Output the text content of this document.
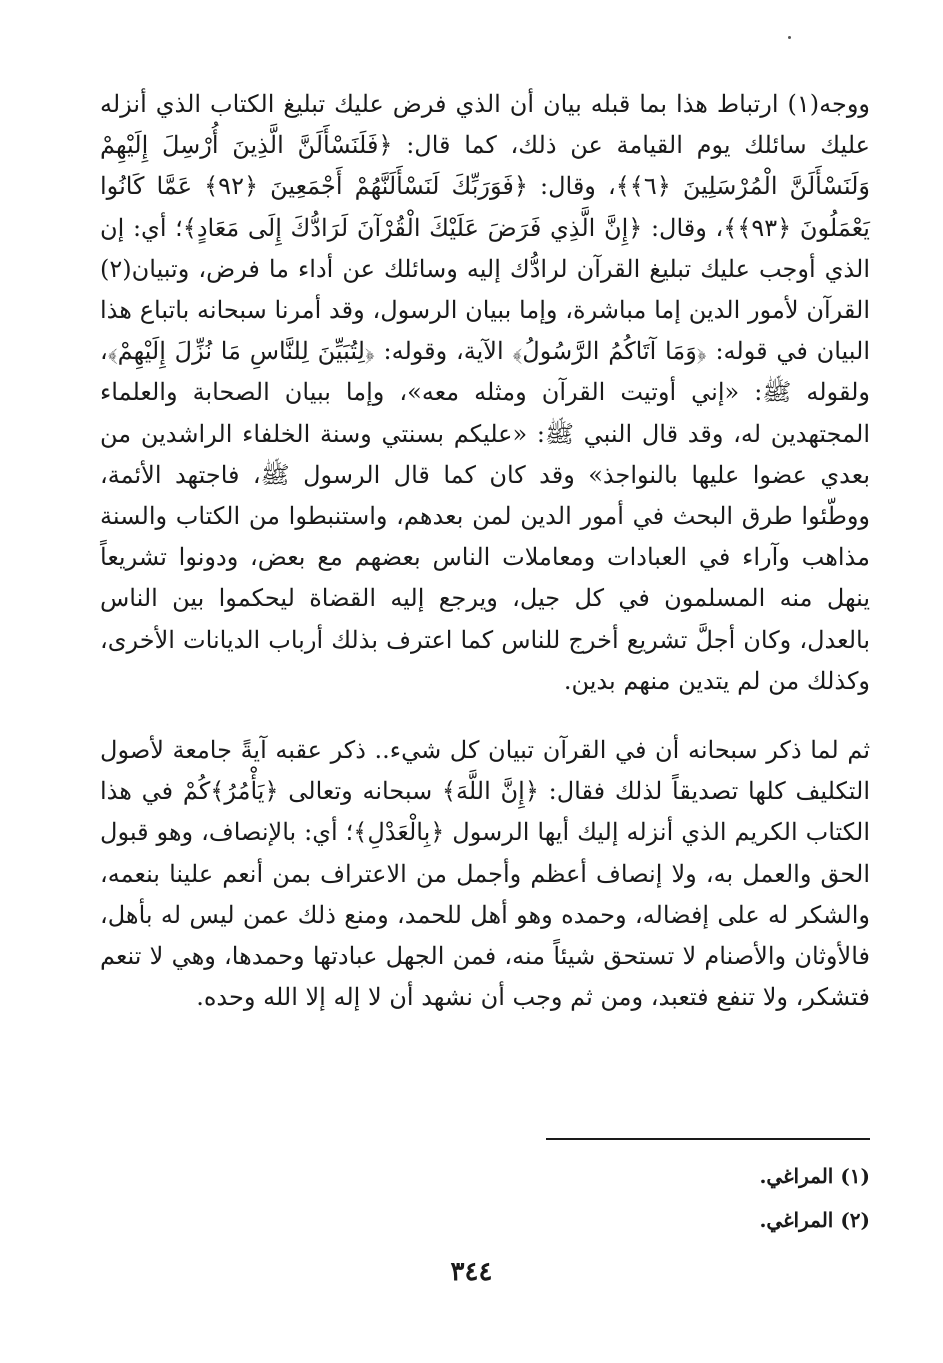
ووجه(١) ارتباط هذا بما قبله بيان أن الذي فرض عليك تبليغ الكتاب الذي أنزله عليك سائلك يوم القيامة عن ذلك، كما قال: ﴿فَلَنَسْأَلَنَّ الَّذِينَ أُرْسِلَ إِلَيْهِمْ وَلَنَسْأَلَنَّ الْمُرْسَلِينَ ﴿٦﴾﴾، وقال: ﴿فَوَرَبِّكَ لَنَسْأَلَنَّهُمْ أَجْمَعِينَ ﴿٩٢﴾ عَمَّا كَانُوا يَعْمَلُونَ ﴿٩٣﴾﴾، وقال: ﴿إِنَّ الَّذِي فَرَضَ عَلَيْكَ الْقُرْآنَ لَرَادُّكَ إِلَى مَعَادٍ﴾؛ أي: إن الذي أوجب عليك تبليغ القرآن لرادُّك إليه وسائلك عن أداء ما فرض، وتبيان(٢) القرآن لأمور الدين إما مباشرة، وإما ببيان الرسول، وقد أمرنا سبحانه باتباع هذا البيان في قوله: ﴿وَمَا آتَاكُمُ الرَّسُولُ﴾ الآية، وقوله: ﴿لِتُبَيِّنَ لِلنَّاسِ مَا نُزِّلَ إِلَيْهِمْ﴾، ولقوله ﷺ: «إني أوتيت القرآن ومثله معه»، وإما ببيان الصحابة والعلماء المجتهدين له، وقد قال النبي ﷺ: «عليكم بسنتي وسنة الخلفاء الراشدين من بعدي عضوا عليها بالنواجذ» وقد كان كما قال الرسول ﷺ، فاجتهد الأئمة، ووطّئوا طرق البحث في أمور الدين لمن بعدهم، واستنبطوا من الكتاب والسنة مذاهب وآراء في العبادات ومعاملات الناس بعضهم مع بعض، ودونوا تشريعاً ينهل منه المسلمون في كل جيل، ويرجع إليه القضاة ليحكموا بين الناس بالعدل، وكان أجلَّ تشريع أخرج للناس كما اعترف بذلك أرباب الديانات الأخرى، وكذلك من لم يتدين منهم بدين.

ثم لما ذكر سبحانه أن في القرآن تبيان كل شيء.. ذكر عقبه آيةً جامعة لأصول التكليف كلها تصديقاً لذلك فقال: ﴿إِنَّ اللَّهَ﴾ سبحانه وتعالى ﴿يَأْمُرُ﴾كُمْ في هذا الكتاب الكريم الذي أنزله إليك أيها الرسول ﴿بِالْعَدْلِ﴾؛ أي: بالإنصاف، وهو قبول الحق والعمل به، ولا إنصاف أعظم وأجمل من الاعتراف بمن أنعم علينا بنعمه، والشكر له على إفضاله، وحمده وهو أهل للحمد، ومنع ذلك عمن ليس له بأهل، فالأوثان والأصنام لا تستحق شيئاً منه، فمن الجهل عبادتها وحمدها، وهي لا تنعم فتشكر، ولا تنفع فتعبد، ومن ثم وجب أن نشهد أن لا إله إلا الله وحده.

(١) المراغي.

(٢) المراغي.

٣٤٤
